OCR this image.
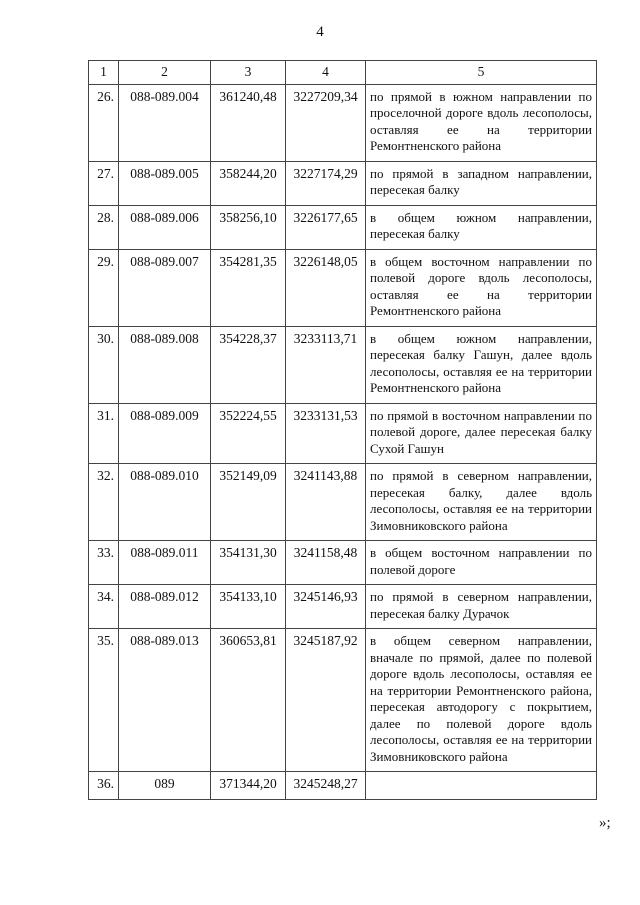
4
1	2	3	4	5
26.	088-089.004	361240,48	3227209,34	по прямой в южном направлении по проселочной дороге вдоль лесополосы, оставляя ее на территории Ремонтненского района
27.	088-089.005	358244,20	3227174,29	по прямой в западном направлении, пересекая балку
28.	088-089.006	358256,10	3226177,65	в общем южном направлении, пересекая балку
29.	088-089.007	354281,35	3226148,05	в общем восточном направлении по полевой дороге вдоль лесополосы, оставляя ее на территории Ремонтненского района
30.	088-089.008	354228,37	3233113,71	в общем южном направлении, пересекая балку Гашун, далее вдоль лесополосы, оставляя ее на территории Ремонтненского района
31.	088-089.009	352224,55	3233131,53	по прямой в восточном направлении по полевой дороге, далее пересекая балку Сухой Гашун
32.	088-089.010	352149,09	3241143,88	по прямой в северном направлении, пересекая балку, далее вдоль лесополосы, оставляя ее на территории Зимовниковского района
33.	088-089.011	354131,30	3241158,48	в общем восточном направлении по полевой дороге
34.	088-089.012	354133,10	3245146,93	по прямой в северном направлении, пересекая балку Дурачок
35.	088-089.013	360653,81	3245187,92	в общем северном направлении, вначале по прямой, далее по полевой дороге вдоль лесополосы, оставляя ее на территории Ремонтненского района, пересекая автодорогу с покрытием, далее по полевой дороге вдоль лесополосы, оставляя ее на территории Зимовниковского района
36.	089	371344,20	3245248,27	
»;
